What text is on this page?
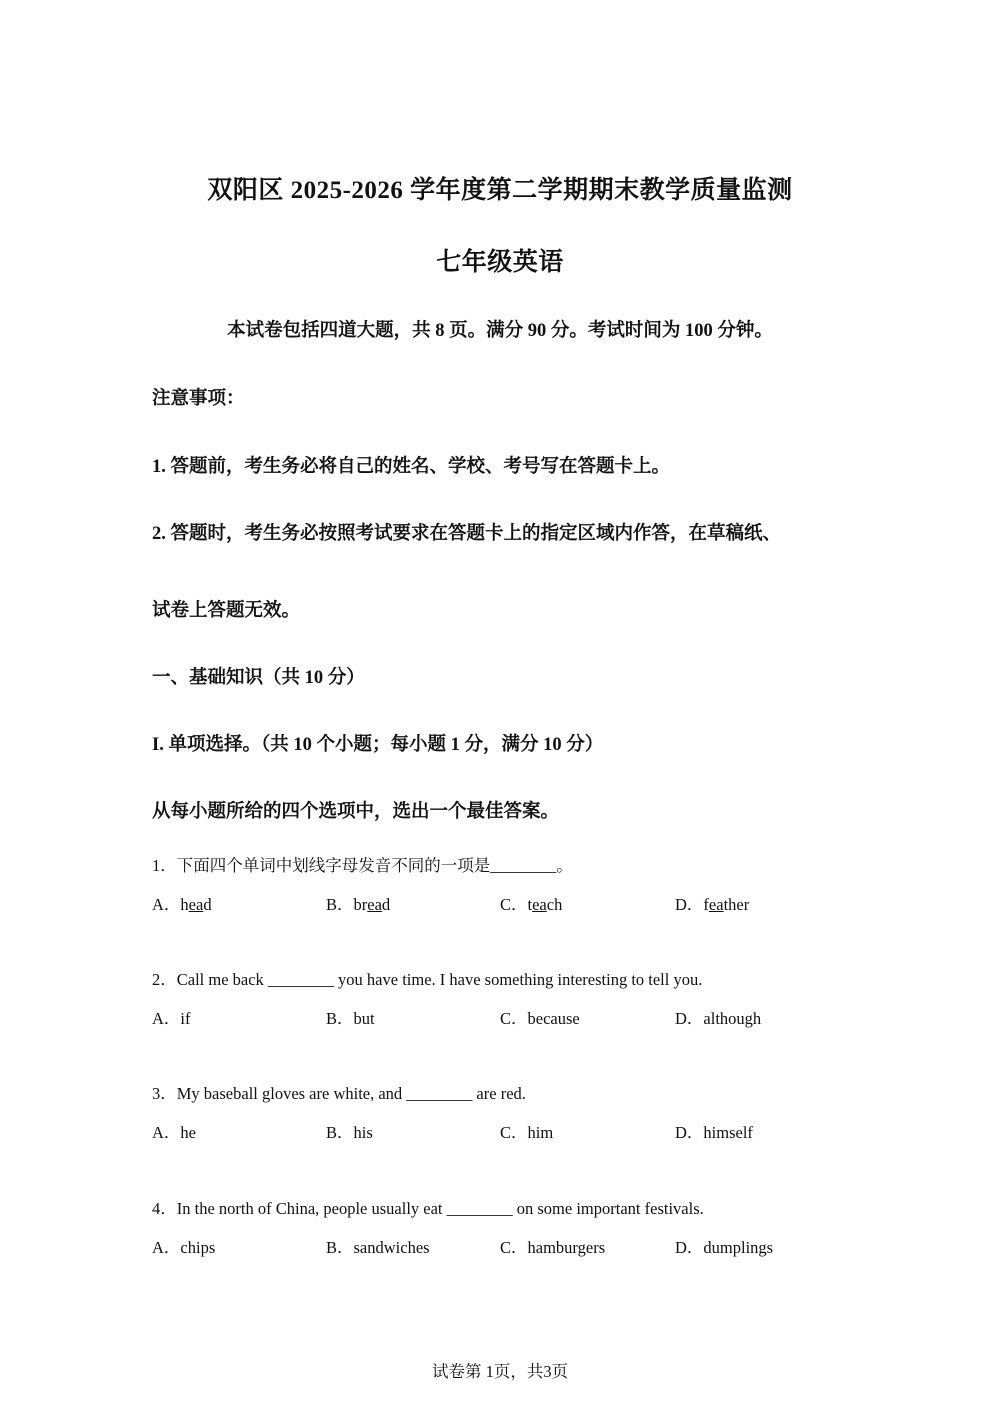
双阳区 2025-2026 学年度第二学期期末教学质量监测
七年级英语
本试卷包括四道大题，共 8 页。满分 90 分。考试时间为 100 分钟。
注意事项：
1. 答题前，考生务必将自己的姓名、学校、考号写在答题卡上。
2. 答题时，考生务必按照考试要求在答题卡上的指定区域内作答，在草稿纸、
试卷上答题无效。
一、基础知识（共 10 分）
I. 单项选择。（共 10 个小题；每小题 1 分，满分 10 分）
从每小题所给的四个选项中，选出一个最佳答案。
1．下面四个单词中划线字母发音不同的一项是________。
A．head	B．bread	C．teach	D．feather
2．Call me back ________ you have time. I have something interesting to tell you.
A．if	B．but	C．because	D．although
3．My baseball gloves are white, and ________ are red.
A．he	B．his	C．him	D．himself
4．In the north of China, people usually eat ________ on some important festivals.
A．chips	B．sandwiches	C．hamburgers	D．dumplings
试卷第 1页，共3页
